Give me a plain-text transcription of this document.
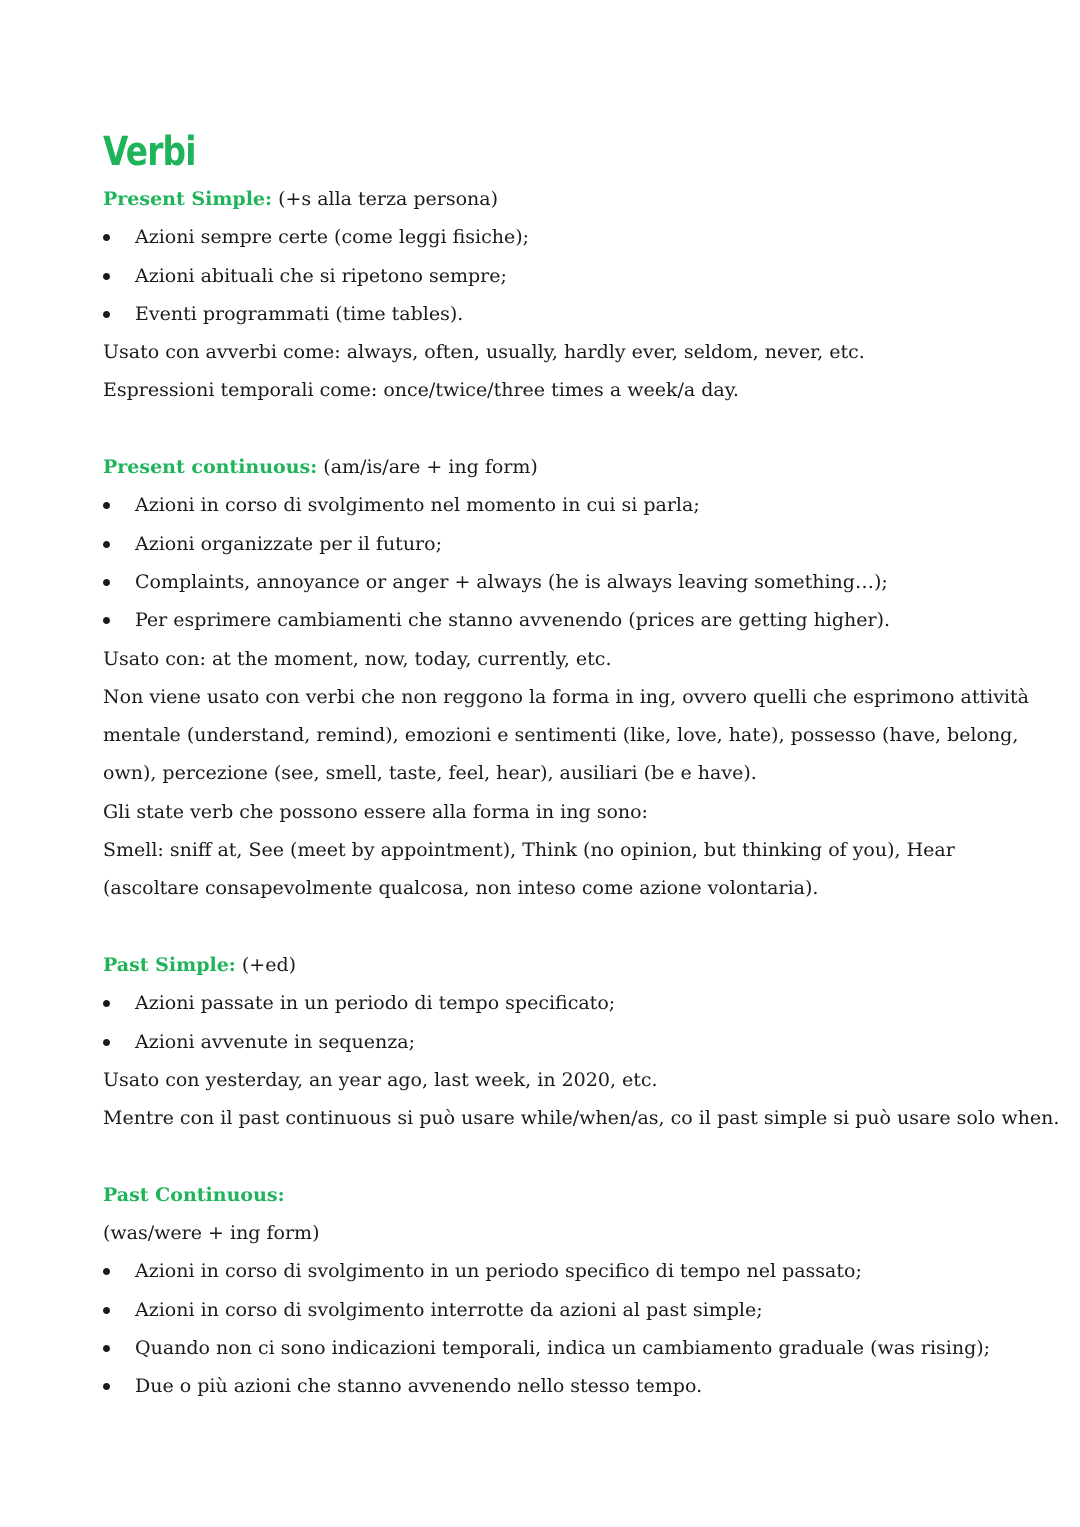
Verbi
Present Simple: (+s alla terza persona)
Azioni sempre certe (come leggi fisiche);
Azioni abituali che si ripetono sempre;
Eventi programmati (time tables).
Usato con avverbi come: always, often, usually, hardly ever, seldom, never, etc.
Espressioni temporali come: once/twice/three times a week/a day.
Present continuous: (am/is/are + ing form)
Azioni in corso di svolgimento nel momento in cui si parla;
Azioni organizzate per il futuro;
Complaints, annoyance or anger + always (he is always leaving something…);
Per esprimere cambiamenti che stanno avvenendo (prices are getting higher).
Usato con: at the moment, now, today, currently, etc.
Non viene usato con verbi che non reggono la forma in ing, ovvero quelli che esprimono attività
mentale (understand, remind), emozioni e sentimenti (like, love, hate), possesso (have, belong,
own), percezione (see, smell, taste, feel, hear), ausiliari (be e have).
Gli state verb che possono essere alla forma in ing sono:
Smell: sniff at, See (meet by appointment), Think (no opinion, but thinking of you), Hear
(ascoltare consapevolmente qualcosa, non inteso come azione volontaria).
Past Simple: (+ed)
Azioni passate in un periodo di tempo specificato;
Azioni avvenute in sequenza;
Usato con yesterday, an year ago, last week, in 2020, etc.
Mentre con il past continuous si può usare while/when/as, co il past simple si può usare solo when.
Past Continuous:
(was/were + ing form)
Azioni in corso di svolgimento in un periodo specifico di tempo nel passato;
Azioni in corso di svolgimento interrotte da azioni al past simple;
Quando non ci sono indicazioni temporali, indica un cambiamento graduale (was rising);
Due o più azioni che stanno avvenendo nello stesso tempo.
